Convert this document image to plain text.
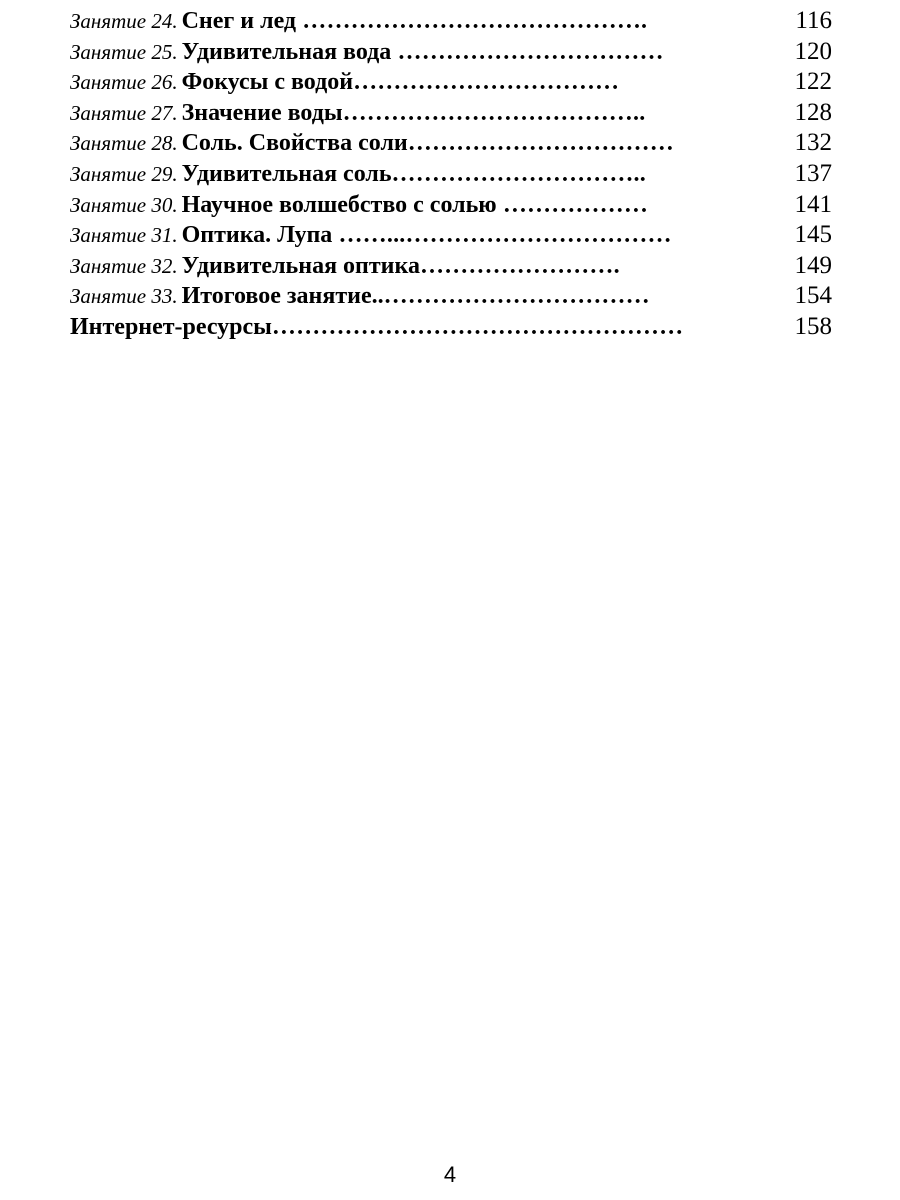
Занятие 24. Снег и лед …………………………………….	116
Занятие 25. Удивительная вода ……………………………	120
Занятие 26. Фокусы с водой……………………………	122
Занятие 27. Значение воды………………………………..	128
Занятие 28. Соль. Свойства соли……………………………	132
Занятие 29. Удивительная соль…………………………..	137
Занятие 30. Научное волшебство с солью ………………	141
Занятие 31. Оптика. Лупа ……...……………………………	145
Занятие 32. Удивительная оптика…………………….	149
Занятие 33. Итоговое занятие..……………………………	154
Интернет-ресурсы……………………………………………	158
4
